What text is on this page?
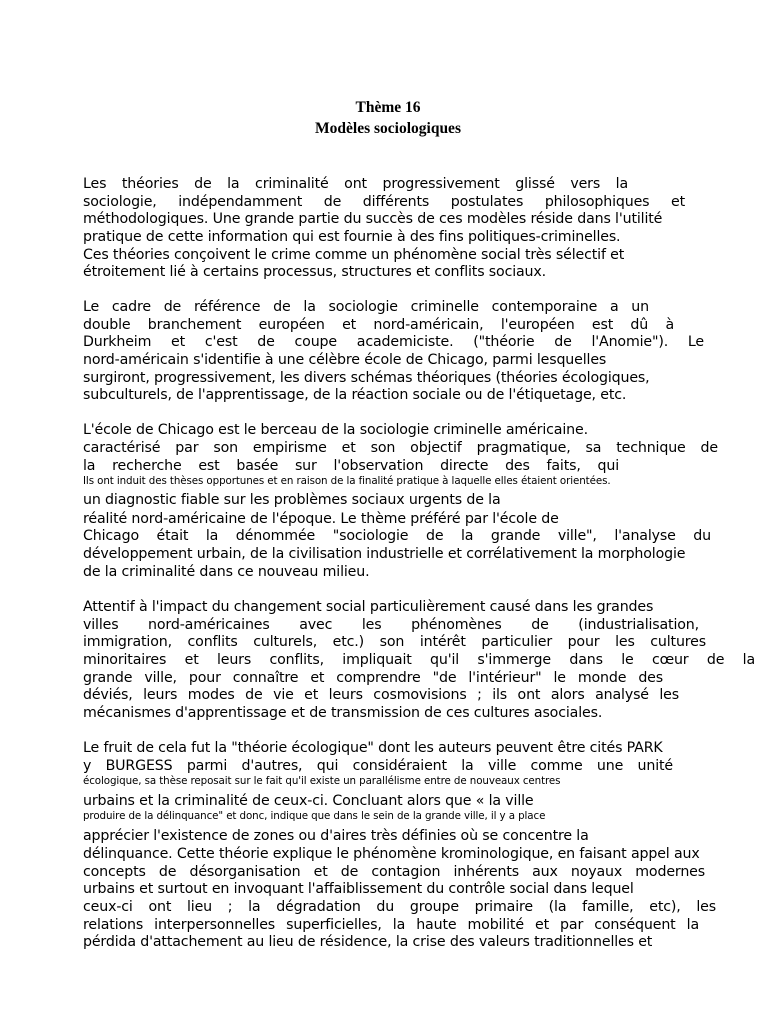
Thème 16
Modèles sociologiques
Les théories de la criminalité ont progressivement glissé vers la
sociologie, indépendamment de différents postulates philosophiques et
méthodologiques. Une grande partie du succès de ces modèles réside dans l'utilité
pratique de cette information qui est fournie à des fins politiques-criminelles.
Ces théories conçoivent le crime comme un phénomène social très sélectif et
étroitement lié à certains processus, structures et conflits sociaux.
Le cadre de référence de la sociologie criminelle contemporaine a un
double branchement européen et nord-américain, l'européen est dû à
Durkheim et c'est de coupe academiciste. ("théorie de l'Anomie"). Le
nord-américain s'identifie à une célèbre école de Chicago, parmi lesquelles
surgiront, progressivement, les divers schémas théoriques (théories écologiques,
subculturels, de l'apprentissage, de la réaction sociale ou de l'étiquetage, etc.
L'école de Chicago est le berceau de la sociologie criminelle américaine.
caractérisé par son empirisme et son objectif pragmatique, sa technique de
la recherche est basée sur l'observation directe des faits, qui
Ils ont induit des thèses opportunes et en raison de la finalité pratique à laquelle elles étaient orientées.
un diagnostic fiable sur les problèmes sociaux urgents de la
réalité nord-américaine de l'époque. Le thème préféré par l'école de
Chicago était la dénommée "sociologie de la grande ville", l'analyse du
développement urbain, de la civilisation industrielle et corrélativement la morphologie
de la criminalité dans ce nouveau milieu.
Attentif à l'impact du changement social particulièrement causé dans les grandes
villes nord-américaines avec les phénomènes de (industrialisation,
immigration, conflits culturels, etc.) son intérêt particulier pour les cultures
minoritaires et leurs conflits, impliquait qu'il s'immerge dans le cœur de la
grande ville, pour connaître et comprendre "de l'intérieur" le monde des
déviés, leurs modes de vie et leurs cosmovisions ; ils ont alors analysé les
mécanismes d'apprentissage et de transmission de ces cultures asociales.
Le fruit de cela fut la "théorie écologique" dont les auteurs peuvent être cités PARK
y BURGESS parmi d'autres, qui considéraient la ville comme une unité
écologique, sa thèse reposait sur le fait qu'il existe un parallélisme entre de nouveaux centres
urbains et la criminalité de ceux-ci. Concluant alors que « la ville
produire de la délinquance" et donc, indique que dans le sein de la grande ville, il y a place
apprécier l'existence de zones ou d'aires très définies où se concentre la
délinquance. Cette théorie explique le phénomène krominologique, en faisant appel aux
concepts de désorganisation et de contagion inhérents aux noyaux modernes
urbains et surtout en invoquant l'affaiblissement du contrôle social dans lequel
ceux-ci ont lieu ; la dégradation du groupe primaire (la famille, etc), les
relations interpersonnelles superficielles, la haute mobilité et par conséquent la
pérdida d'attachement au lieu de résidence, la crise des valeurs traditionnelles et
